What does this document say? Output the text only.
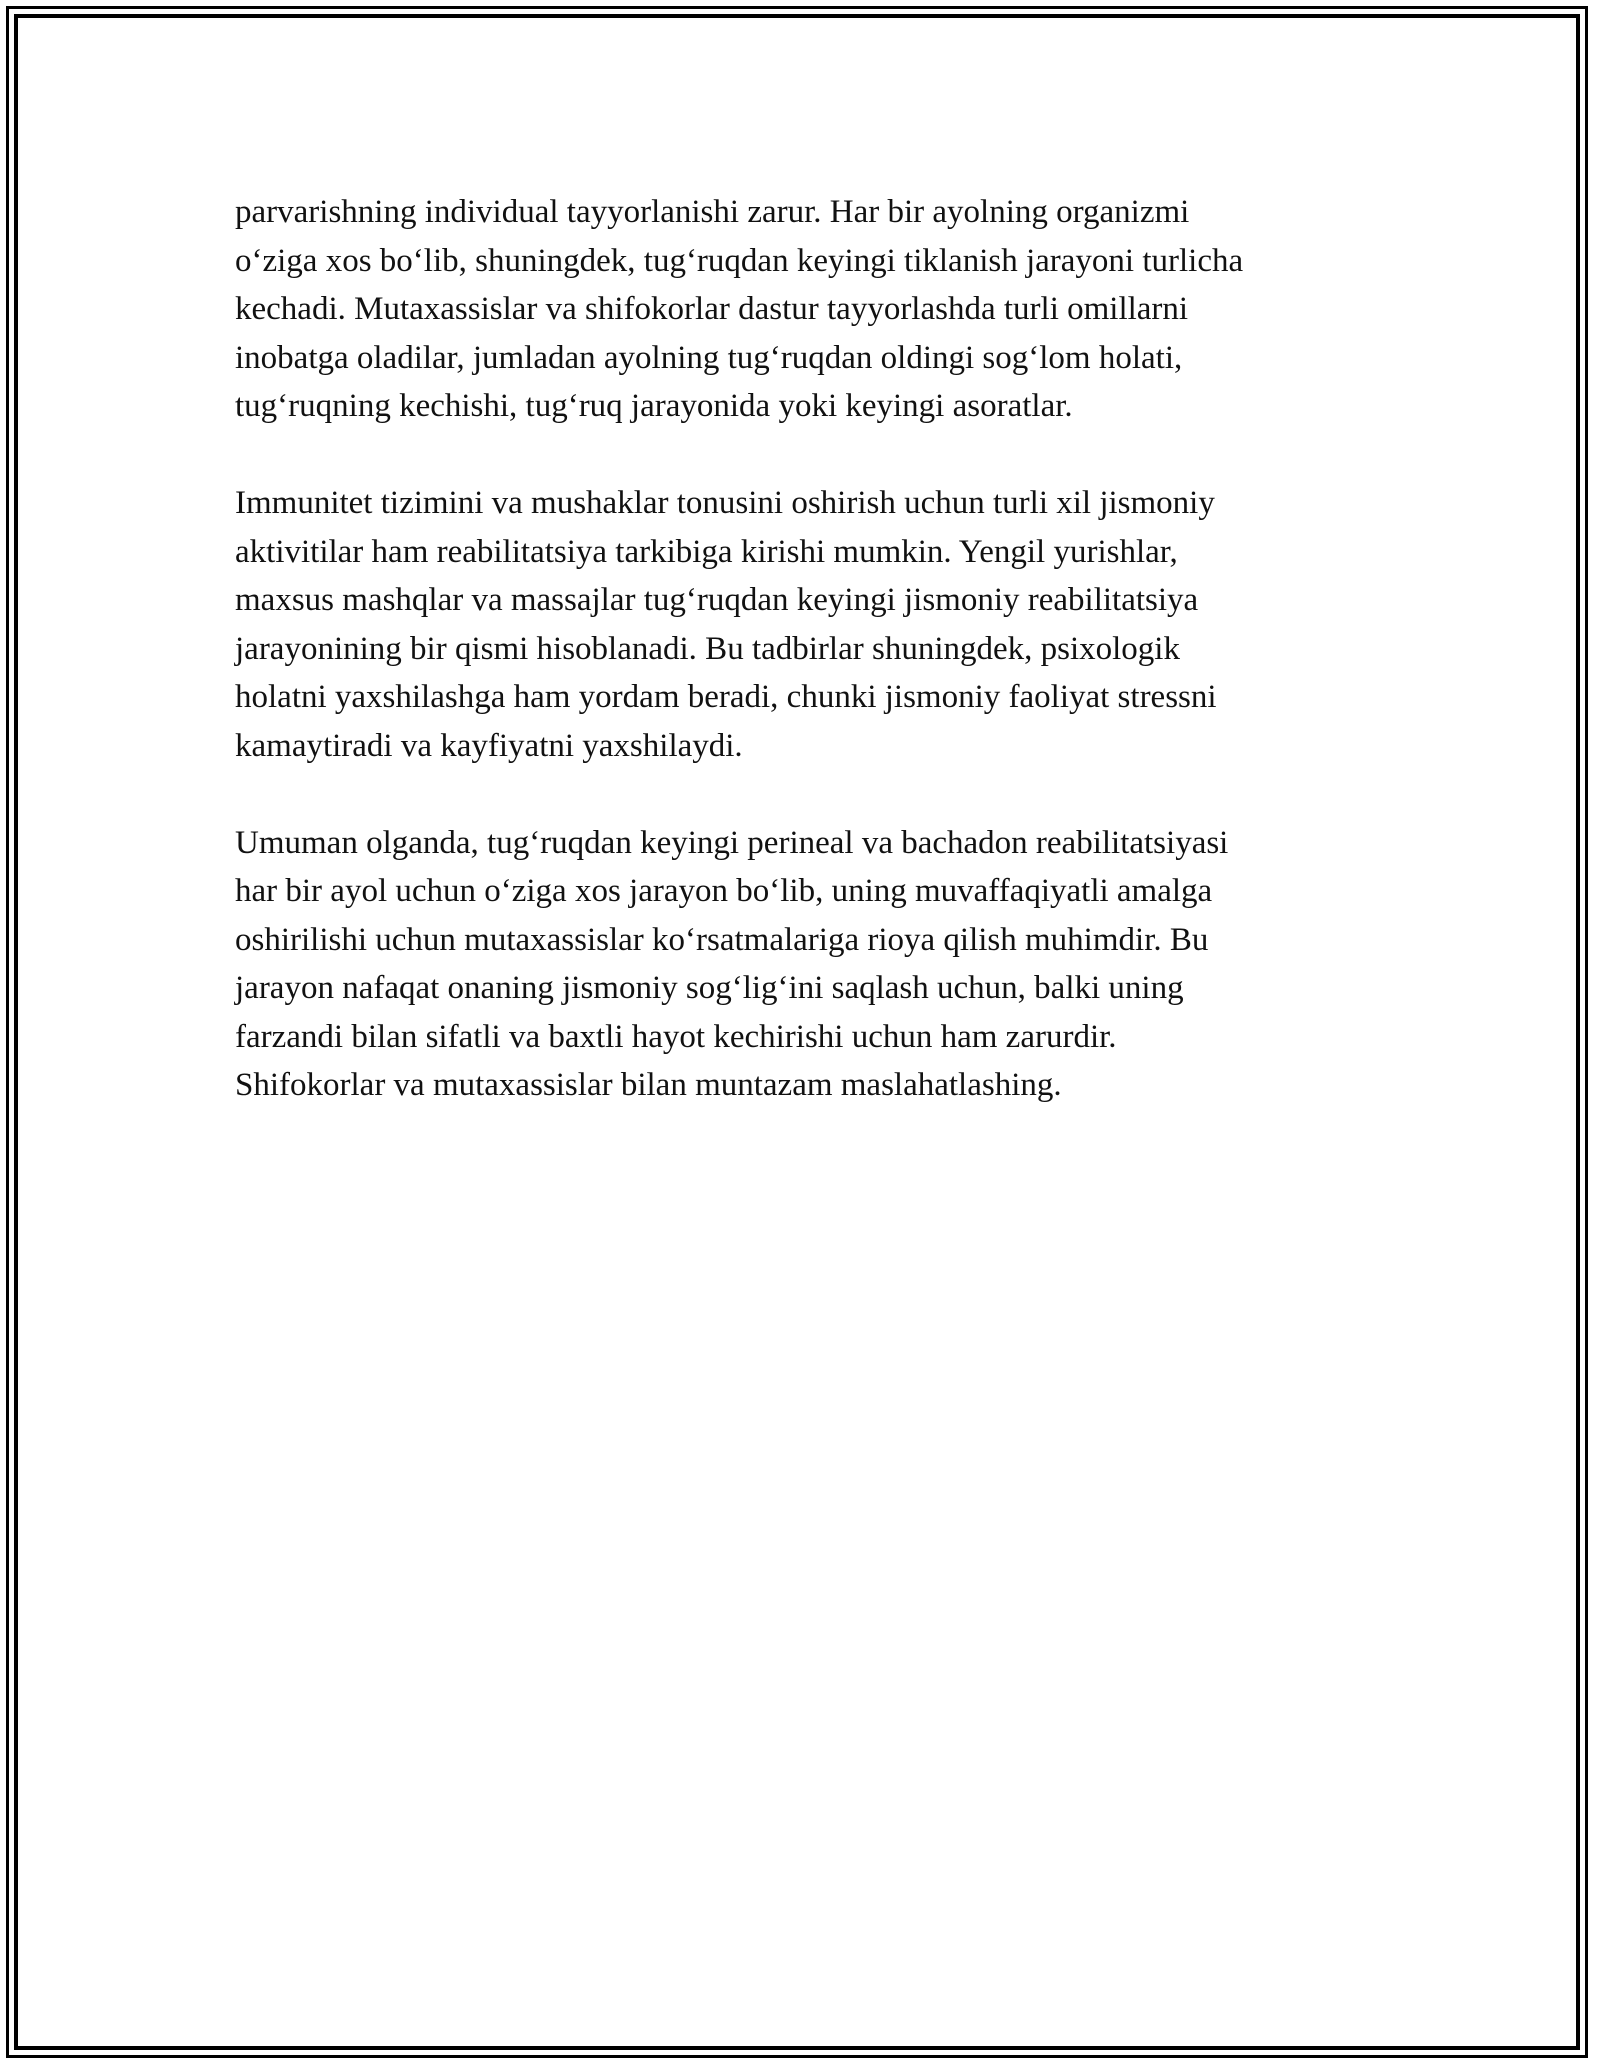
parvarishning individual tayyorlanishi zarur. Har bir ayolning organizmi
o‘ziga xos bo‘lib, shuningdek, tug‘ruqdan keyingi tiklanish jarayoni turlicha
kechadi. Mutaxassislar va shifokorlar dastur tayyorlashda turli omillarni
inobatga oladilar, jumladan ayolning tug‘ruqdan oldingi sog‘lom holati,
tug‘ruqning kechishi, tug‘ruq jarayonida yoki keyingi asoratlar.

Immunitet tizimini va mushaklar tonusini oshirish uchun turli xil jismoniy
aktivitilar ham reabilitatsiya tarkibiga kirishi mumkin. Yengil yurishlar,
maxsus mashqlar va massajlar tug‘ruqdan keyingi jismoniy reabilitatsiya
jarayonining bir qismi hisoblanadi. Bu tadbirlar shuningdek, psixologik
holatni yaxshilashga ham yordam beradi, chunki jismoniy faoliyat stressni
kamaytiradi va kayfiyatni yaxshilaydi.

Umuman olganda, tug‘ruqdan keyingi perineal va bachadon reabilitatsiyasi
har bir ayol uchun o‘ziga xos jarayon bo‘lib, uning muvaffaqiyatli amalga
oshirilishi uchun mutaxassislar ko‘rsatmalariga rioya qilish muhimdir. Bu
jarayon nafaqat onaning jismoniy sog‘lig‘ini saqlash uchun, balki uning
farzandi bilan sifatli va baxtli hayot kechirishi uchun ham zarurdir.
Shifokorlar va mutaxassislar bilan muntazam maslahatlashing.
